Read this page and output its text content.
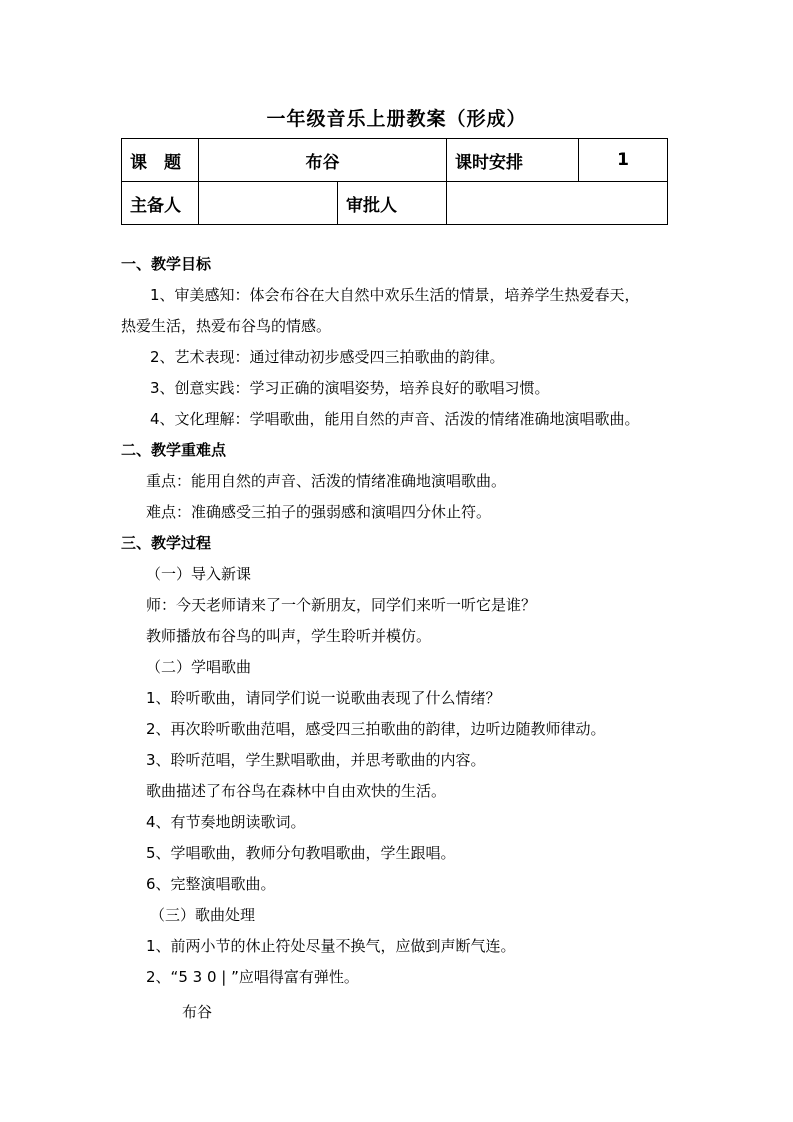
一年级音乐上册教案（形成）
课　题	布谷		课时安排	1
主备人		审批人		
一、教学目标
1、审美感知：体会布谷在大自然中欢乐生活的情景，培养学生热爱春天，
热爱生活，热爱布谷鸟的情感。
2、艺术表现：通过律动初步感受四三拍歌曲的韵律。
3、创意实践：学习正确的演唱姿势，培养良好的歌唱习惯。
4、文化理解：学唱歌曲，能用自然的声音、活泼的情绪准确地演唱歌曲。
二、教学重难点
重点：能用自然的声音、活泼的情绪准确地演唱歌曲。
难点：准确感受三拍子的强弱感和演唱四分休止符。
三、教学过程
（一）导入新课
师：今天老师请来了一个新朋友，同学们来听一听它是谁？
教师播放布谷鸟的叫声，学生聆听并模仿。
（二）学唱歌曲
1、聆听歌曲，请同学们说一说歌曲表现了什么情绪？
2、再次聆听歌曲范唱，感受四三拍歌曲的韵律，边听边随教师律动。
3、聆听范唱，学生默唱歌曲，并思考歌曲的内容。
歌曲描述了布谷鸟在森林中自由欢快的生活。
4、有节奏地朗读歌词。
5、学唱歌曲，教师分句教唱歌曲，学生跟唱。
6、完整演唱歌曲。
（三）歌曲处理
1、前两小节的休止符处尽量不换气，应做到声断气连。
2、“5 3 0 | ”应唱得富有弹性。
布谷
